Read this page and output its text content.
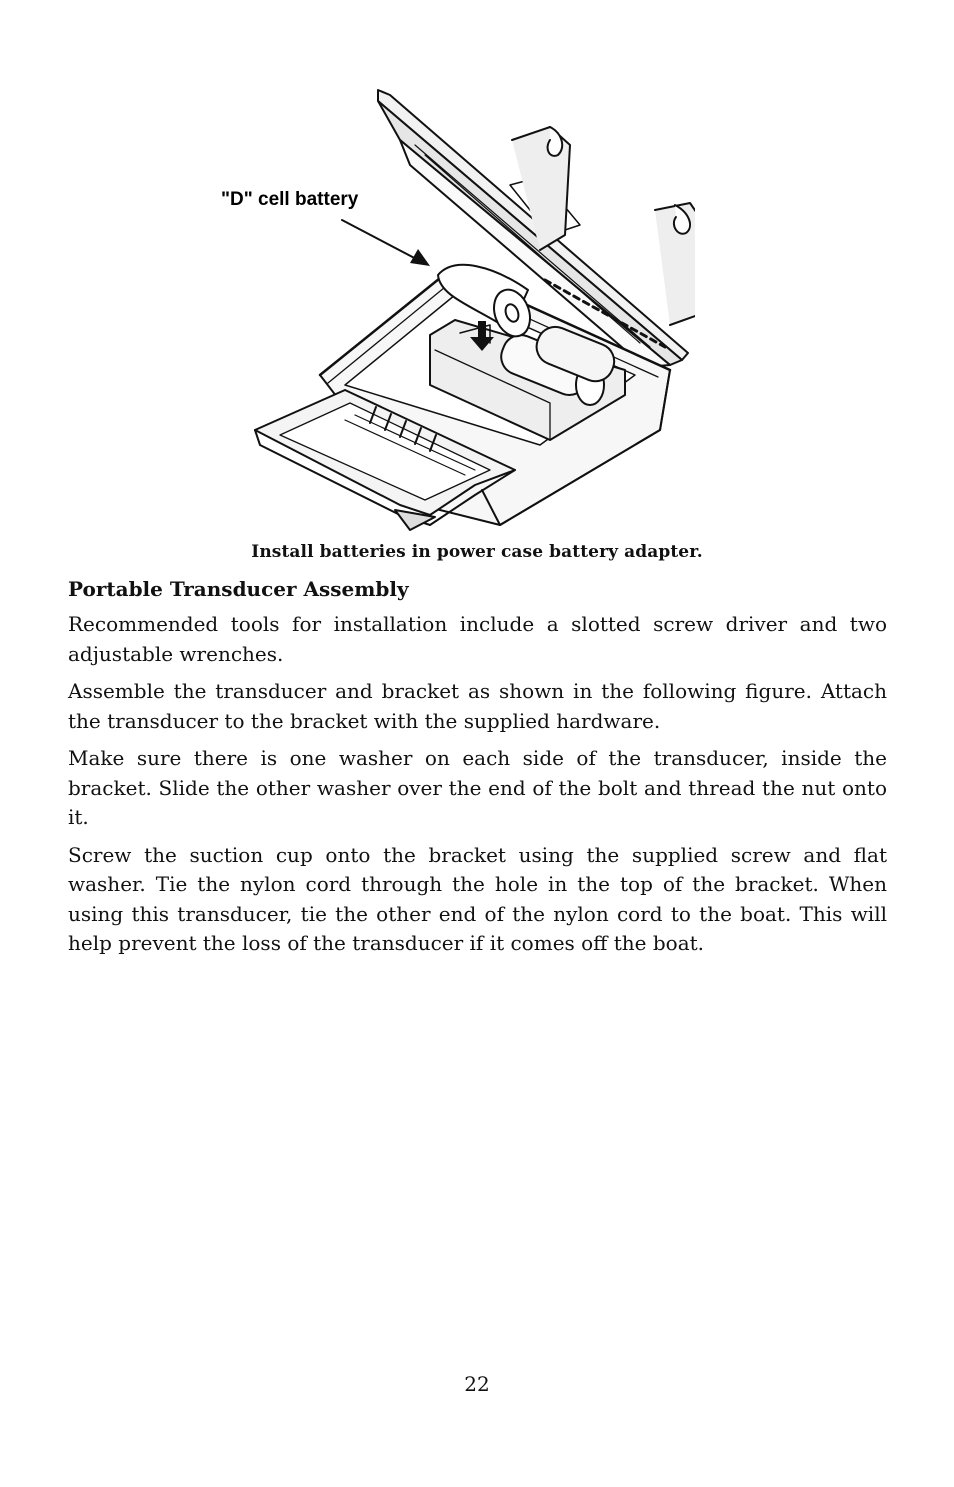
"D" cell battery
Install batteries in power case battery adapter.
Portable Transducer Assembly

Recommended tools for installation include a slotted screw driver and two adjustable wrenches.

Assemble the transducer and bracket as shown in the following figure. Attach the transducer to the bracket with the supplied hardware.

Make sure there is one washer on each side of the transducer, inside the bracket. Slide the other washer over the end of the bolt and thread the nut onto it.

Screw the suction cup onto the bracket using the supplied screw and flat washer. Tie the nylon cord through the hole in the top of the bracket. When using this transducer, tie the other end of the nylon cord to the boat. This will help prevent the loss of the transducer if it comes off the boat.

22
